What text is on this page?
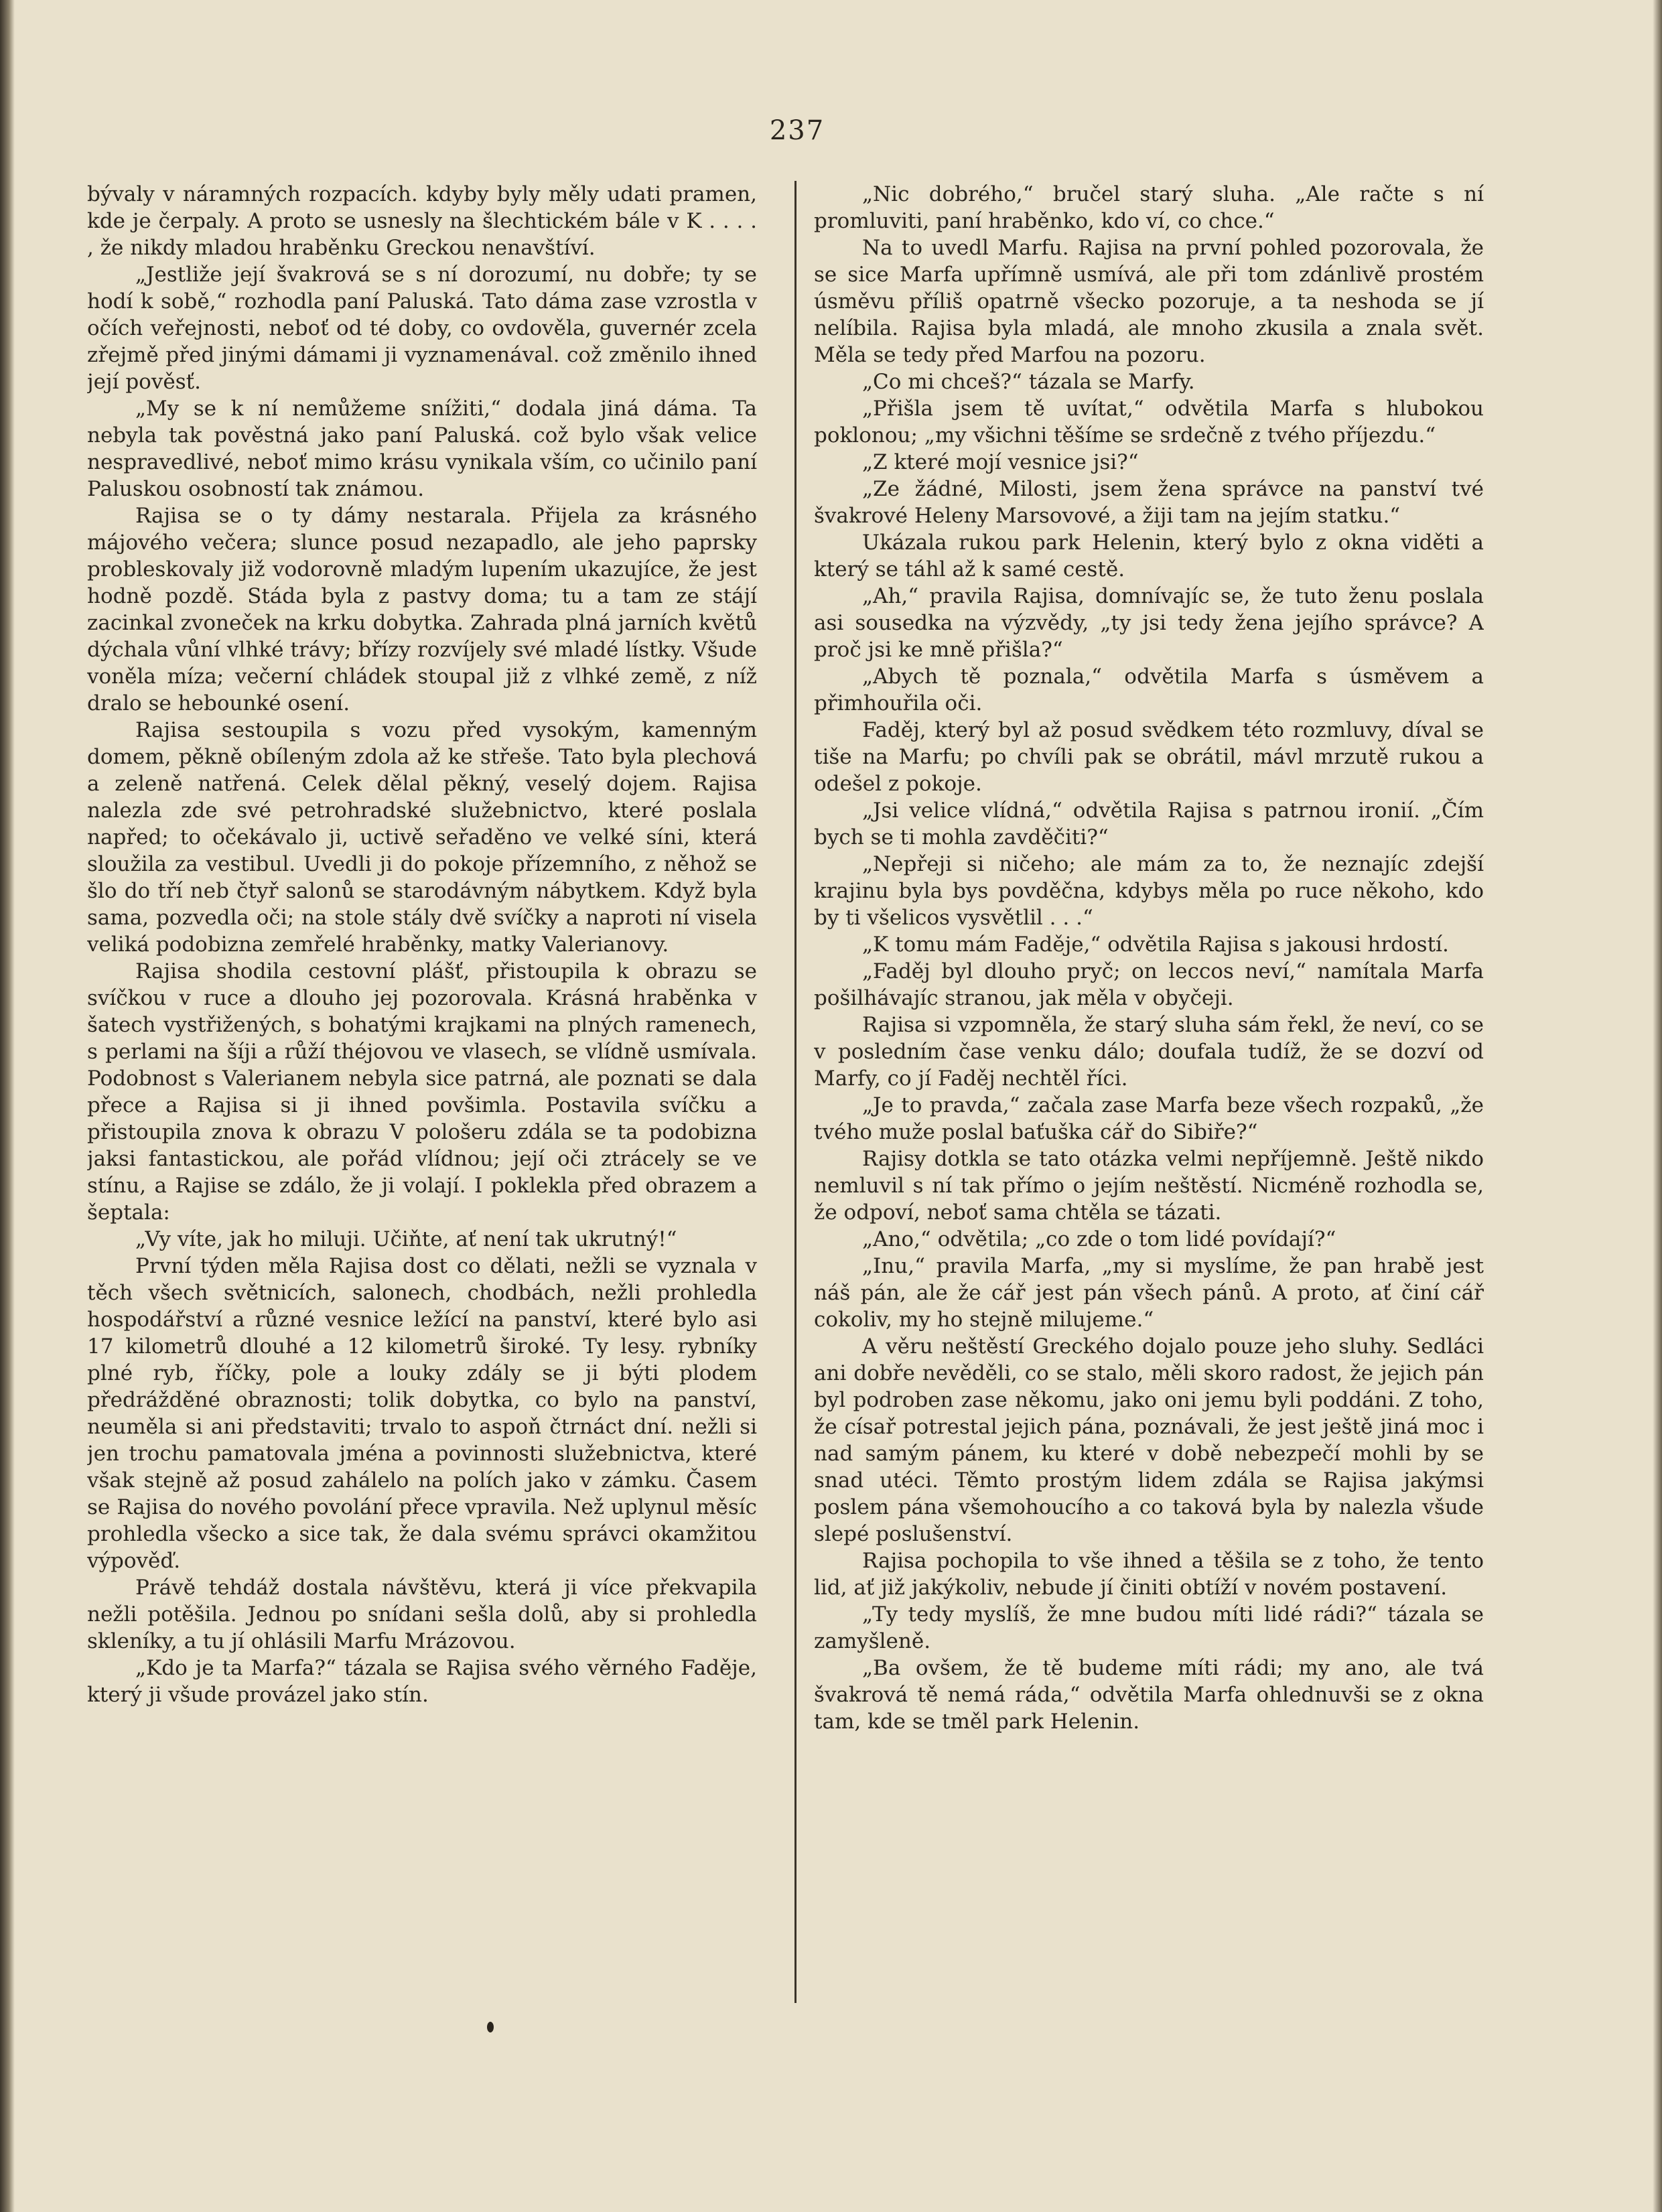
237

bývaly v náramných rozpacích. kdyby byly měly udati pramen, kde je čerpaly. A proto se usnesly na šlechtickém bále v K . . . . , že nikdy mladou hraběnku Greckou nenavštíví.

„Jestliže její švakrová se s ní dorozumí, nu dobře; ty se hodí k sobě,“ rozhodla paní Paluská. Tato dáma zase vzrostla v očích veřejnosti, neboť od té doby, co ovdověla, guvernér zcela zřejmě před jinými dámami ji vyznamenával. což změnilo ihned její pověsť.

„My se k ní nemůžeme snížiti,“ dodala jiná dáma. Ta nebyla tak pověstná jako paní Paluská. což bylo však velice nespravedlivé, neboť mimo krásu vynikala vším, co učinilo paní Paluskou osobností tak známou.

Rajisa se o ty dámy nestarala. Přijela za krásného májového večera; slunce posud nezapadlo, ale jeho paprsky probleskovaly již vodorovně mladým lupením ukazujíce, že jest hodně pozdě. Stáda byla z pastvy doma; tu a tam ze stájí zacinkal zvoneček na krku dobytka. Zahrada plná jarních květů dýchala vůní vlhké trávy; břízy rozvíjely své mladé lístky. Všude voněla míza; večerní chládek stoupal již z vlhké země, z níž dralo se hebounké osení.

Rajisa sestoupila s vozu před vysokým, kamenným domem, pěkně obíleným zdola až ke střeše. Tato byla plechová a zeleně natřená. Celek dělal pěkný, veselý dojem. Rajisa nalezla zde své petrohradské služebnictvo, které poslala napřed; to očekávalo ji, uctivě seřaděno ve velké síni, která sloužila za vestibul. Uvedli ji do pokoje přízemního, z něhož se šlo do tří neb čtyř salonů se starodávným nábytkem. Když byla sama, pozvedla oči; na stole stály dvě svíčky a naproti ní visela veliká podobizna zemřelé hraběnky, matky Valerianovy.

Rajisa shodila cestovní plášť, přistoupila k obrazu se svíčkou v ruce a dlouho jej pozorovala. Krásná hraběnka v šatech vystřižených, s bohatými krajkami na plných ramenech, s perlami na šíji a růží théjovou ve vlasech, se vlídně usmívala. Podobnost s Valerianem nebyla sice patrná, ale poznati se dala přece a Rajisa si ji ihned povšimla. Postavila svíčku a přistoupila znova k obrazu V pološeru zdála se ta podobizna jaksi fantastickou, ale pořád vlídnou; její oči ztrácely se ve stínu, a Rajise se zdálo, že ji volají. I poklekla před obrazem a šeptala:

„Vy víte, jak ho miluji. Učiňte, ať není tak ukrutný!“

První týden měla Rajisa dost co dělati, nežli se vyznala v těch všech světnicích, salonech, chodbách, nežli prohledla hospodářství a různé vesnice ležící na panství, které bylo asi 17 kilometrů dlouhé a 12 kilometrů široké. Ty lesy. rybníky plné ryb, říčky, pole a louky zdály se ji býti plodem předrážděné obraznosti; tolik dobytka, co bylo na panství, neuměla si ani představiti; trvalo to aspoň čtrnáct dní. nežli si jen trochu pamatovala jména a povinnosti služebnictva, které však stejně až posud zahálelo na polích jako v zámku. Časem se Rajisa do nového povolání přece vpravila. Než uplynul měsíc prohledla všecko a sice tak, že dala svému správci okamžitou výpověď.

Právě tehdáž dostala návštěvu, která ji více překvapila nežli potěšila. Jednou po snídani sešla dolů, aby si prohledla skleníky, a tu jí ohlásili Marfu Mrázovou.

„Kdo je ta Marfa?“ tázala se Rajisa svého věrného Faděje, který ji všude provázel jako stín.

„Nic dobrého,“ bručel starý sluha. „Ale račte s ní promluviti, paní hraběnko, kdo ví, co chce.“

Na to uvedl Marfu. Rajisa na první pohled pozorovala, že se sice Marfa upřímně usmívá, ale při tom zdánlivě prostém úsměvu příliš opatrně všecko pozoruje, a ta neshoda se jí nelíbila. Rajisa byla mladá, ale mnoho zkusila a znala svět. Měla se tedy před Marfou na pozoru.

„Co mi chceš?“ tázala se Marfy.

„Přišla jsem tě uvítat,“ odvětila Marfa s hlubokou poklonou; „my všichni těšíme se srdečně z tvého příjezdu.“

„Z které mojí vesnice jsi?“

„Ze žádné, Milosti, jsem žena správce na panství tvé švakrové Heleny Marsovové, a žiji tam na jejím statku.“

Ukázala rukou park Helenin, který bylo z okna viděti a který se táhl až k samé cestě.

„Ah,“ pravila Rajisa, domnívajíc se, že tuto ženu poslala asi sousedka na výzvědy, „ty jsi tedy žena jejího správce? A proč jsi ke mně přišla?“

„Abych tě poznala,“ odvětila Marfa s úsměvem a přimhouřila oči.

Faděj, který byl až posud svědkem této rozmluvy, díval se tiše na Marfu; po chvíli pak se obrátil, mávl mrzutě rukou a odešel z pokoje.

„Jsi velice vlídná,“ odvětila Rajisa s patrnou ironií. „Čím bych se ti mohla zavděčiti?“

„Nepřeji si ničeho; ale mám za to, že neznajíc zdejší krajinu byla bys povděčna, kdybys měla po ruce někoho, kdo by ti všelicos vysvětlil . . .“

„K tomu mám Faděje,“ odvětila Rajisa s jakousi hrdostí.

„Faděj byl dlouho pryč; on leccos neví,“ namítala Marfa pošilhávajíc stranou, jak měla v obyčeji.

Rajisa si vzpomněla, že starý sluha sám řekl, že neví, co se v posledním čase venku dálo; doufala tudíž, že se dozví od Marfy, co jí Faděj nechtěl říci.

„Je to pravda,“ začala zase Marfa beze všech rozpaků, „že tvého muže poslal baťuška cář do Sibiře?“

Rajisy dotkla se tato otázka velmi nepříjemně. Ještě nikdo nemluvil s ní tak přímo o jejím neštěstí. Nicméně rozhodla se, že odpoví, neboť sama chtěla se tázati.

„Ano,“ odvětila; „co zde o tom lidé povídají?“

„Inu,“ pravila Marfa, „my si myslíme, že pan hrabě jest náš pán, ale že cář jest pán všech pánů. A proto, ať činí cář cokoliv, my ho stejně milujeme.“

A věru neštěstí Greckého dojalo pouze jeho sluhy. Sedláci ani dobře nevěděli, co se stalo, měli skoro radost, že jejich pán byl podroben zase někomu, jako oni jemu byli poddáni. Z toho, že císař potrestal jejich pána, poznávali, že jest ještě jiná moc i nad samým pánem, ku které v době nebezpečí mohli by se snad utéci. Těmto prostým lidem zdála se Rajisa jakýmsi poslem pána všemohoucího a co taková byla by nalezla všude slepé poslušenství.

Rajisa pochopila to vše ihned a těšila se z toho, že tento lid, ať již jakýkoliv, nebude jí činiti obtíží v novém postavení.

„Ty tedy myslíš, že mne budou míti lidé rádi?“ tázala se zamyšleně.

„Ba ovšem, že tě budeme míti rádi; my ano, ale tvá švakrová tě nemá ráda,“ odvětila Marfa ohlednuvši se z okna tam, kde se tměl park Helenin.
